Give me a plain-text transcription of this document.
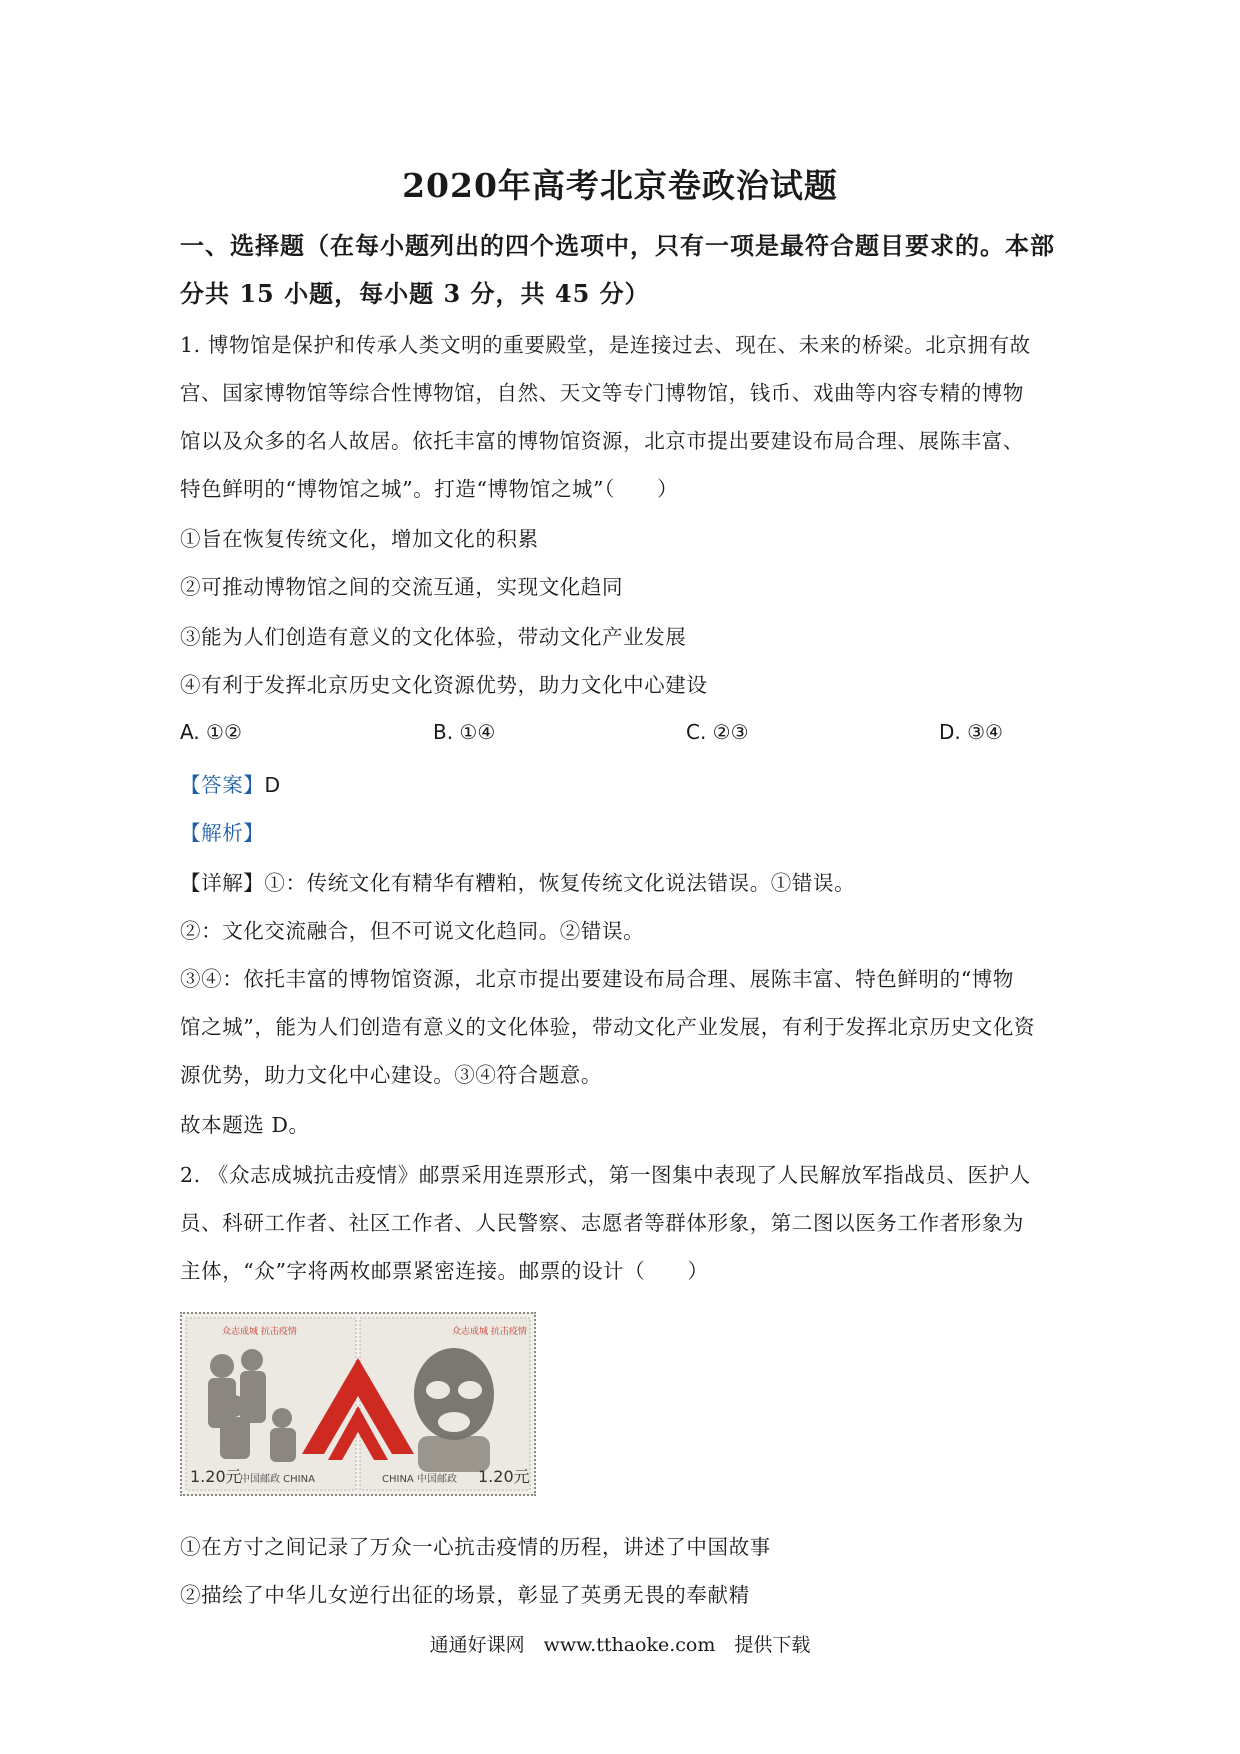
2020年高考北京卷政治试题
一、选择题（在每小题列出的四个选项中，只有一项是最符合题目要求的。本部
分共 15 小题，每小题 3 分，共 45 分）
1. 博物馆是保护和传承人类文明的重要殿堂，是连接过去、现在、未来的桥梁。北京拥有故
宫、国家博物馆等综合性博物馆，自然、天文等专门博物馆，钱币、戏曲等内容专精的博物
馆以及众多的名人故居。依托丰富的博物馆资源，北京市提出要建设布局合理、展陈丰富、
特色鲜明的“博物馆之城”。打造“博物馆之城”（　　）
①旨在恢复传统文化，增加文化的积累
②可推动博物馆之间的交流互通，实现文化趋同
③能为人们创造有意义的文化体验，带动文化产业发展
④有利于发挥北京历史文化资源优势，助力文化中心建设
A. ①②	B. ①④	C. ②③	D. ③④
【答案】D
【解析】
【详解】①：传统文化有精华有糟粕，恢复传统文化说法错误。①错误。
②：文化交流融合，但不可说文化趋同。②错误。
③④：依托丰富的博物馆资源，北京市提出要建设布局合理、展陈丰富、特色鲜明的“博物
馆之城”，能为人们创造有意义的文化体验，带动文化产业发展，有利于发挥北京历史文化资
源优势，助力文化中心建设。③④符合题意。
故本题选 D。
2. 《众志成城抗击疫情》邮票采用连票形式，第一图集中表现了人民解放军指战员、医护人
员、科研工作者、社区工作者、人民警察、志愿者等群体形象，第二图以医务工作者形象为
主体，“众”字将两枚邮票紧密连接。邮票的设计（　　）
众志成城 抗击疫情	众志成城 抗击疫情
1.20元
中国邮政 CHINA	CHINA 中国邮政 1.20元
①在方寸之间记录了万众一心抗击疫情的历程，讲述了中国故事
②描绘了中华儿女逆行出征的场景，彰显了英勇无畏的奉献精
通通好课网　www.tthaoke.com　提供下载
